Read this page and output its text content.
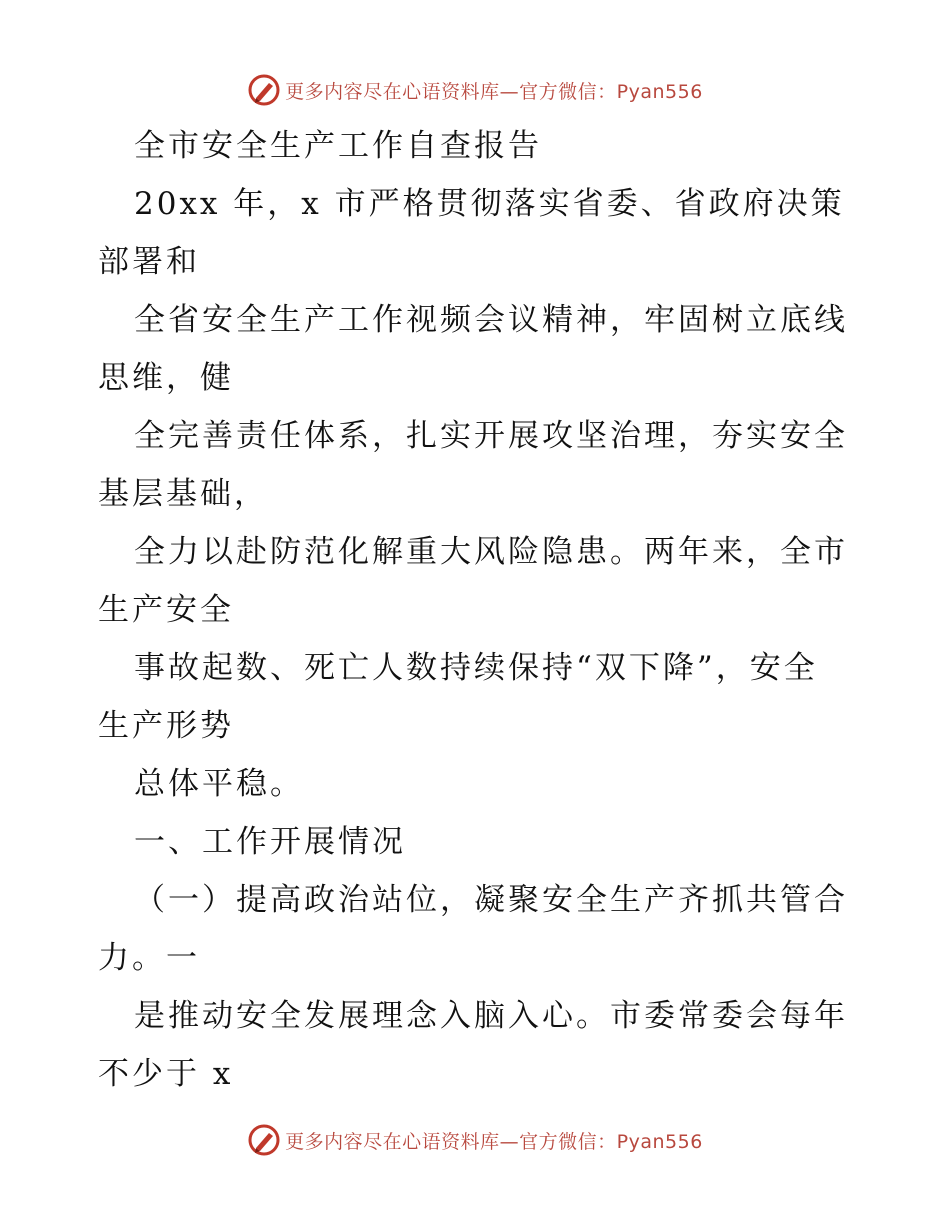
更多内容尽在心语资料库—官方微信：Pyan556
全市安全生产工作自查报告
20xx 年，x 市严格贯彻落实省委、省政府决策
部署和
全省安全生产工作视频会议精神，牢固树立底线
思维，健
全完善责任体系，扎实开展攻坚治理，夯实安全
基层基础，
全力以赴防范化解重大风险隐患。两年来，全市
生产安全
事故起数、死亡人数持续保持“双下降”，安全
生产形势
总体平稳。
一、工作开展情况
（一）提高政治站位，凝聚安全生产齐抓共管合
力。一
是推动安全发展理念入脑入心。市委常委会每年
不少于 x
更多内容尽在心语资料库—官方微信：Pyan556
